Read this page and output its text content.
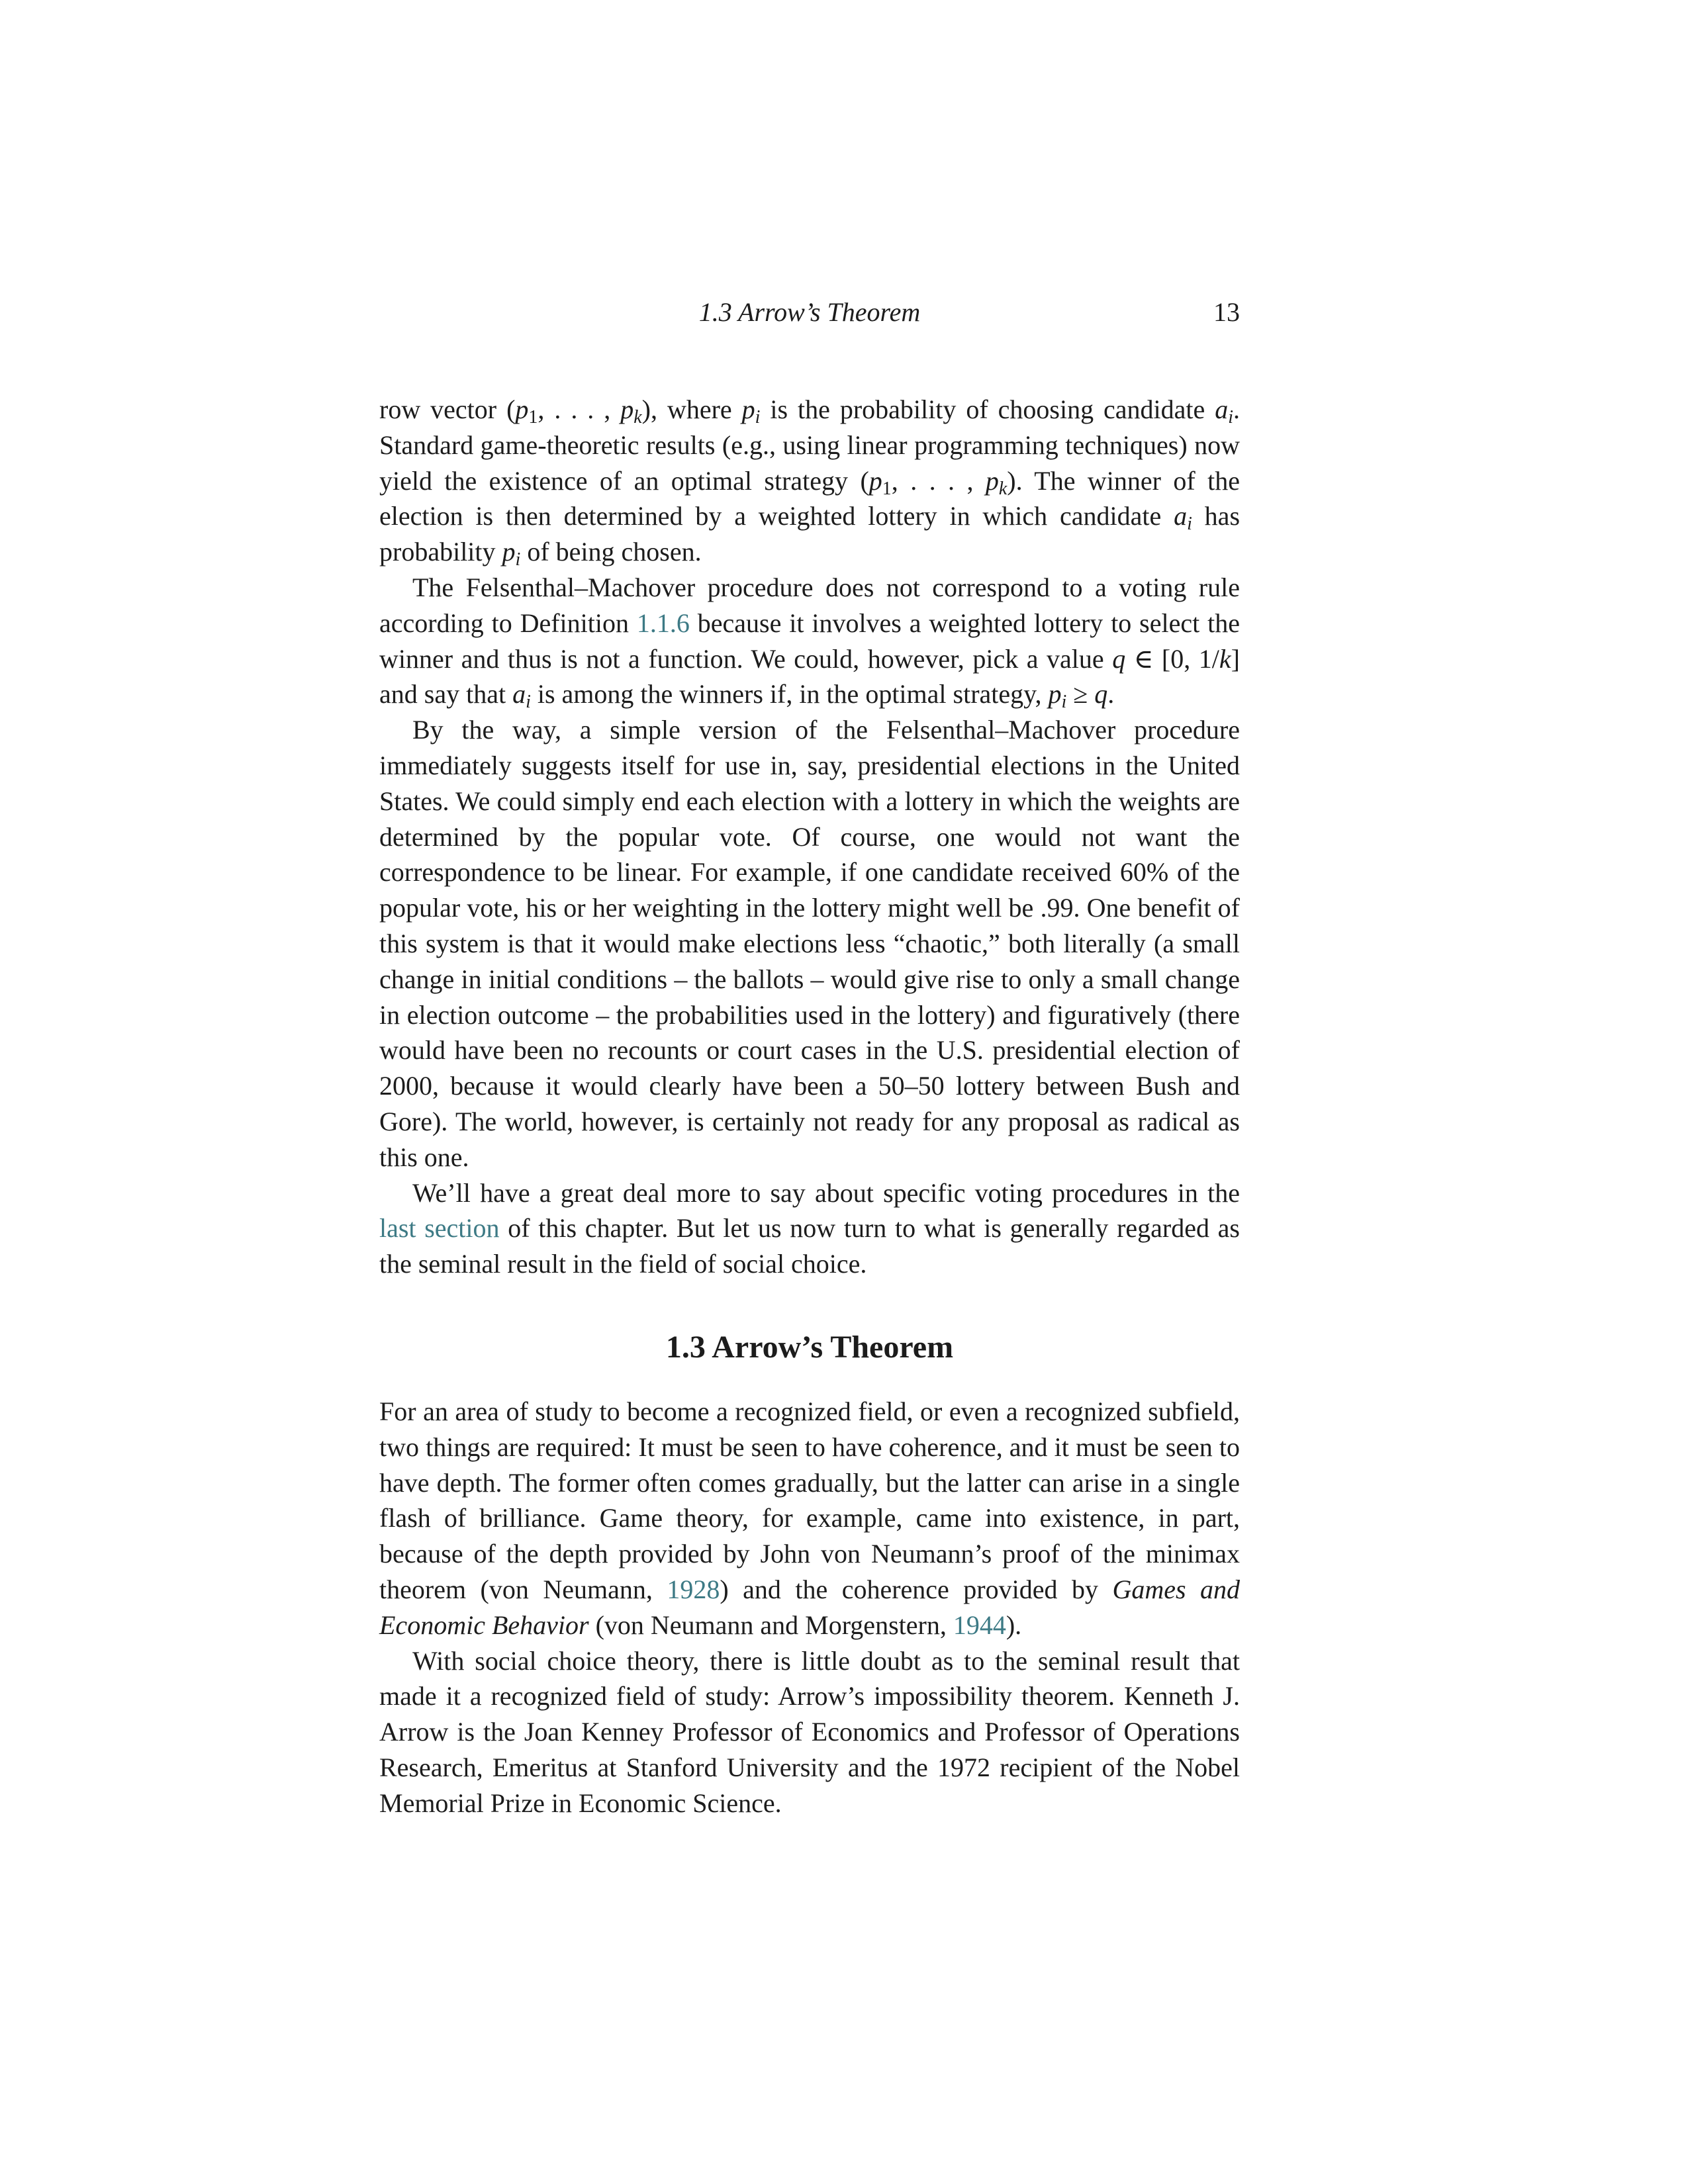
1.3 Arrow’s Theorem	13

row vector ($p_1$, . . . , $p_k$), where $p_i$ is the probability of choosing candidate $a_i$. Standard game-theoretic results (e.g., using linear programming techniques) now yield the existence of an optimal strategy ($p_1$, . . . , $p_k$). The winner of the election is then determined by a weighted lottery in which candidate $a_i$ has probability $p_i$ of being chosen.

The Felsenthal–Machover procedure does not correspond to a voting rule according to Definition 1.1.6 because it involves a weighted lottery to select the winner and thus is not a function. We could, however, pick a value q ∈ [0, 1/k] and say that $a_i$ is among the winners if, in the optimal strategy, $p_i \ge q$.

By the way, a simple version of the Felsenthal–Machover procedure immediately suggests itself for use in, say, presidential elections in the United States. We could simply end each election with a lottery in which the weights are determined by the popular vote. Of course, one would not want the correspondence to be linear. For example, if one candidate received 60% of the popular vote, his or her weighting in the lottery might well be .99. One benefit of this system is that it would make elections less “chaotic,” both literally (a small change in initial conditions – the ballots – would give rise to only a small change in election outcome – the probabilities used in the lottery) and figuratively (there would have been no recounts or court cases in the U.S. presidential election of 2000, because it would clearly have been a 50–50 lottery between Bush and Gore). The world, however, is certainly not ready for any proposal as radical as this one.

We’ll have a great deal more to say about specific voting procedures in the last section of this chapter. But let us now turn to what is generally regarded as the seminal result in the field of social choice.

1.3 Arrow’s Theorem

For an area of study to become a recognized field, or even a recognized subfield, two things are required: It must be seen to have coherence, and it must be seen to have depth. The former often comes gradually, but the latter can arise in a single flash of brilliance. Game theory, for example, came into existence, in part, because of the depth provided by John von Neumann’s proof of the minimax theorem (von Neumann, 1928) and the coherence provided by Games and Economic Behavior (von Neumann and Morgenstern, 1944).

With social choice theory, there is little doubt as to the seminal result that made it a recognized field of study: Arrow’s impossibility theorem. Kenneth J. Arrow is the Joan Kenney Professor of Economics and Professor of Operations Research, Emeritus at Stanford University and the 1972 recipient of the Nobel Memorial Prize in Economic Science.
